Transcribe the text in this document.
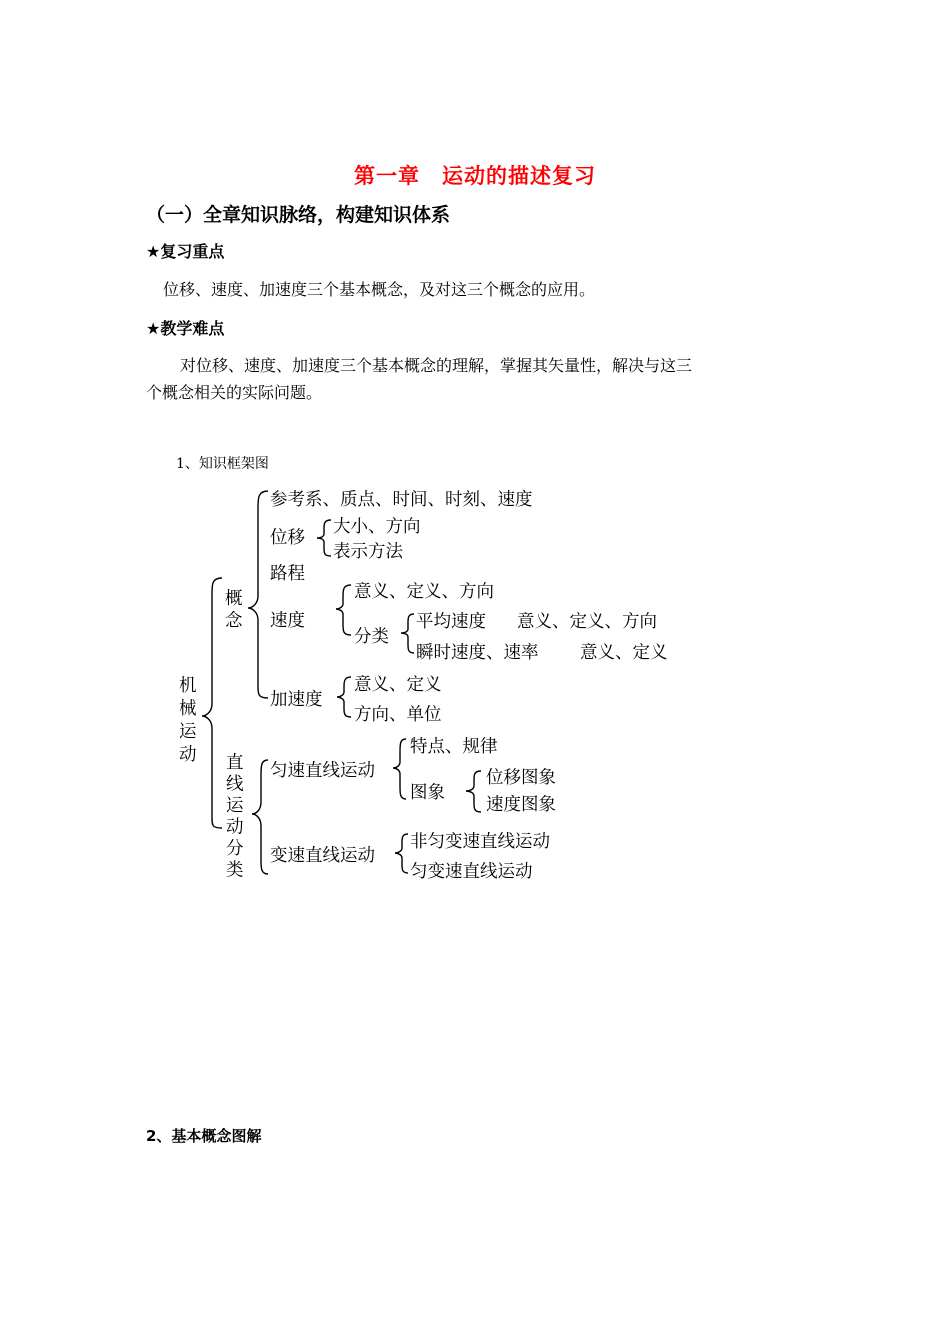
第一章　运动的描述复习
（一）全章知识脉络，构建知识体系
★复习重点
位移、速度、加速度三个基本概念，及对这三个概念的应用。
★教学难点
对位移、速度、加速度三个基本概念的理解，掌握其矢量性，解决与这三
个概念相关的实际问题。
1、知识框架图
机械运动
概念
直线运动分类
参考系、质点、时间、时刻、速度
位移
大小、方向
表示方法
路程
速度
意义、定义、方向
分类
平均速度 意义、定义、方向
瞬时速度、速率 意义、定义
加速度
意义、定义
方向、单位
匀速直线运动
特点、规律
图象
位移图象
速度图象
变速直线运动
非匀变速直线运动
匀变速直线运动
2、基本概念图解
